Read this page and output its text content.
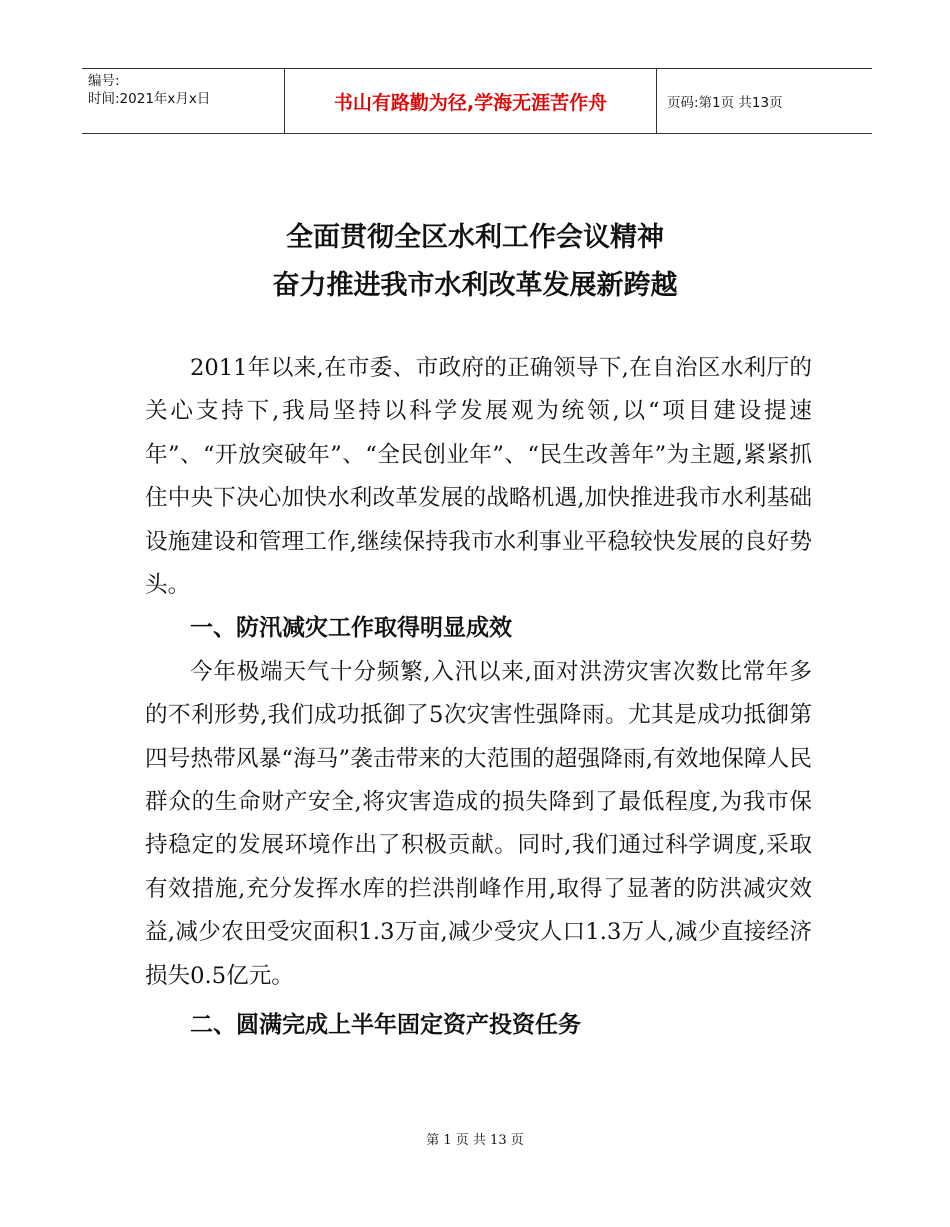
编号:
时间:2021年x月x日	书山有路勤为径,学海无涯苦作舟	页码:第1页 共13页
全面贯彻全区水利工作会议精神
奋力推进我市水利改革发展新跨越

2011年以来,在市委、市政府的正确领导下,在自治区水利厅的关心支持下,我局坚持以科学发展观为统领,以“项目建设提速年”、“开放突破年”、“全民创业年”、“民生改善年”为主题,紧紧抓住中央下决心加快水利改革发展的战略机遇,加快推进我市水利基础设施建设和管理工作,继续保持我市水利事业平稳较快发展的良好势头。

一、防汛减灾工作取得明显成效

今年极端天气十分频繁,入汛以来,面对洪涝灾害次数比常年多的不利形势,我们成功抵御了5次灾害性强降雨。尤其是成功抵御第四号热带风暴“海马”袭击带来的大范围的超强降雨,有效地保障人民群众的生命财产安全,将灾害造成的损失降到了最低程度,为我市保持稳定的发展环境作出了积极贡献。同时,我们通过科学调度,采取有效措施,充分发挥水库的拦洪削峰作用,取得了显著的防洪减灾效益,减少农田受灾面积1.3万亩,减少受灾人口1.3万人,减少直接经济损失0.5亿元。

二、圆满完成上半年固定资产投资任务
第 1 页 共 13 页
